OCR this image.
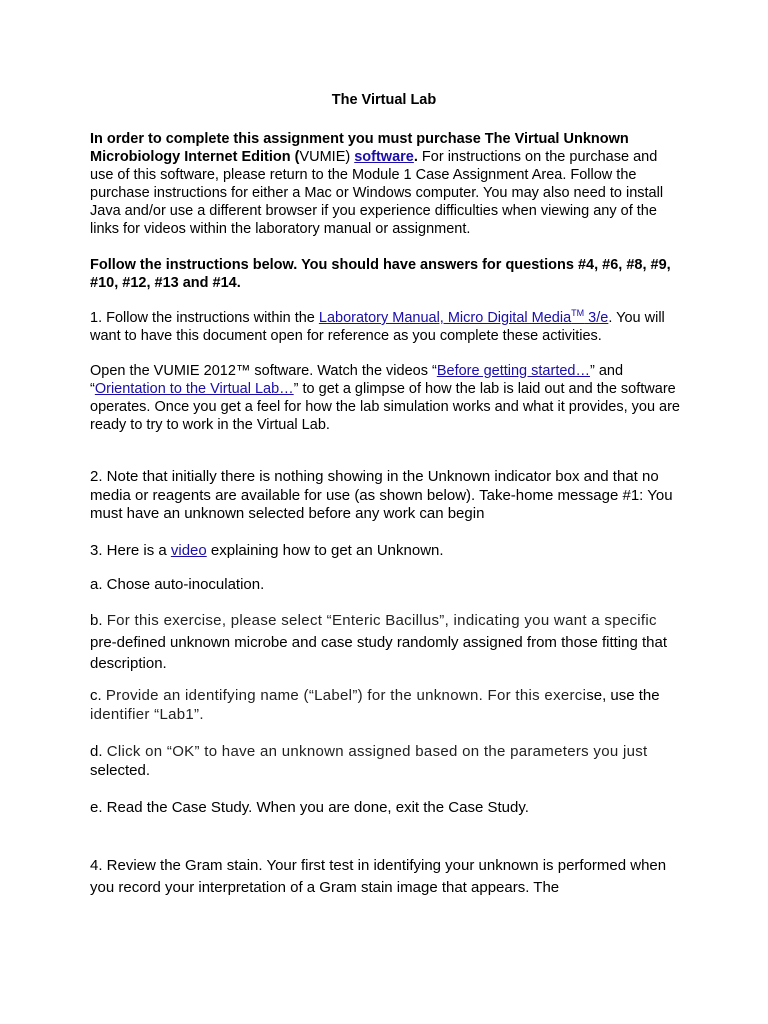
The Virtual Lab

In order to complete this assignment you must purchase The Virtual Unknown Microbiology Internet Edition (VUMIE) software. For instructions on the purchase and use of this software, please return to the Module 1 Case Assignment Area. Follow the purchase instructions for either a Mac or Windows computer. You may also need to install Java and/or use a different browser if you experience difficulties when viewing any of the links for videos within the laboratory manual or assignment.

Follow the instructions below. You should have answers for questions #4, #6, #8, #9, #10, #12, #13 and #14.

1. Follow the instructions within the Laboratory Manual, Micro Digital Media™ 3/e. You will want to have this document open for reference as you complete these activities.

Open the VUMIE 2012™ software. Watch the videos “Before getting started…” and “Orientation to the Virtual Lab…” to get a glimpse of how the lab is laid out and the software operates. Once you get a feel for how the lab simulation works and what it provides, you are ready to try to work in the Virtual Lab.

2. Note that initially there is nothing showing in the Unknown indicator box and that no media or reagents are available for use (as shown below). Take-home message #1: You must have an unknown selected before any work can begin

3. Here is a video explaining how to get an Unknown.

a. Chose auto-inoculation.

b. For this exercise, please select “Enteric Bacillus”, indicating you want a specific pre-defined unknown microbe and case study randomly assigned from those fitting that description.

c. Provide an identifying name (“Label”) for the unknown. For this exercise, use the identifier “Lab1”.

d. Click on “OK” to have an unknown assigned based on the parameters you just selected.

e. Read the Case Study. When you are done, exit the Case Study.

4. Review the Gram stain. Your first test in identifying your unknown is performed when you record your interpretation of a Gram stain image that appears. The
